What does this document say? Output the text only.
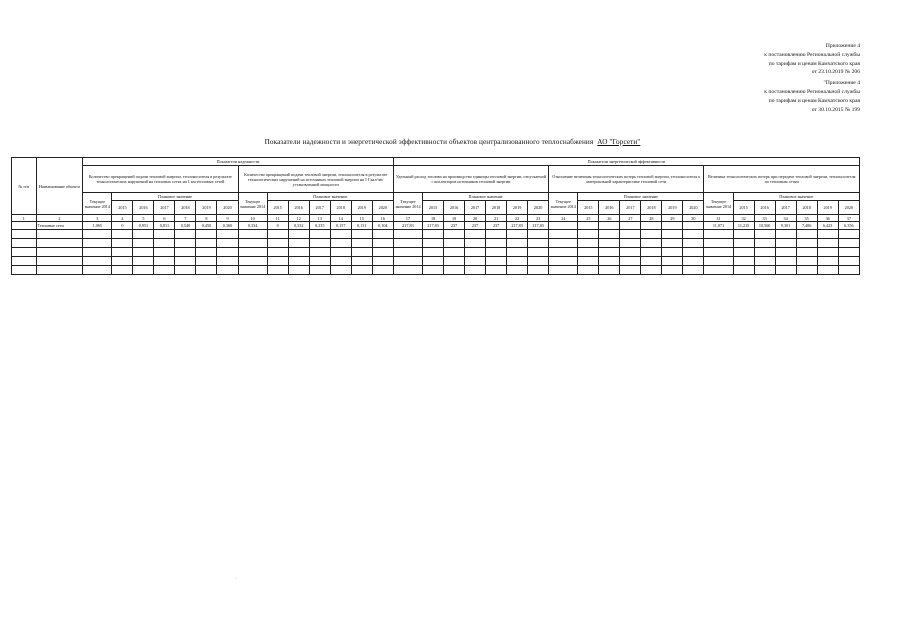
Приложение 4
к постановлению Региональной службы
по тарифам и ценам Камчатского края
от 23.10.2019 № 206
"Приложение 4
к постановлению Региональной службы
по тарифам и ценам Камчатского края
от 30.10.2015 № 199
Показатели надежности и энергетической эффективности объектов централизованного теплоснабжения АО "Горсети"
№ п/п	Наименование объекта	Показатели надежности														Показатели энергетической эффективности																				
		Количество прекращений подачи тепловой энергии, теплоносителя в результате технологических нарушений на тепловых сетях на 1 км тепловых сетей							Количество прекращений подачи тепловой энергии, теплоносителя в результате технологических нарушений на источниках тепловой энергии на 1 Гкал/час установленной мощности							Удельный расход топлива на производство единицы тепловой энергии, отпускаемой с коллекторов источников тепловой энергии							Отношение величины технологических потерь тепловой энергии, теплоносителя к материальной характеристике тепловой сети							Величина технологических потерь при передаче тепловой энергии, теплоносителя по тепловым сетям						
		Текущее значение 2014	Плановое значение						Текущее значение 2014	Плановое значение						Текущее значение 2014	Плановое значение						Текущее значение 2014	Плановое значение						Текущее значение 2014	Плановое значение					
			2015	2016	2017	2018	2019	2020		2015	2016	2017	2018	2019	2020		2015	2016	2017	2018	2019	2020		2015	2016	2017	2018	2019	2020		2015	2016	2017	2018	2019	2020
1	2	3	4	5	6	7	8	9	10	11	12	13	14	15	16	17	18	19	20	21	22	23	24	25	26	27	28	29	30	31	32	33	34	35	36	37
	Тепловые сети	1,065	0	0,951	0,811	0,540	0,450	0,360	0,334	0	0,332	0,235	0,157	0,131	0,104	217,83	217,83	237	237	237	217,83	217,83								11,071	11,215	10,560	9,301	7,406	6,423	6,356

·
